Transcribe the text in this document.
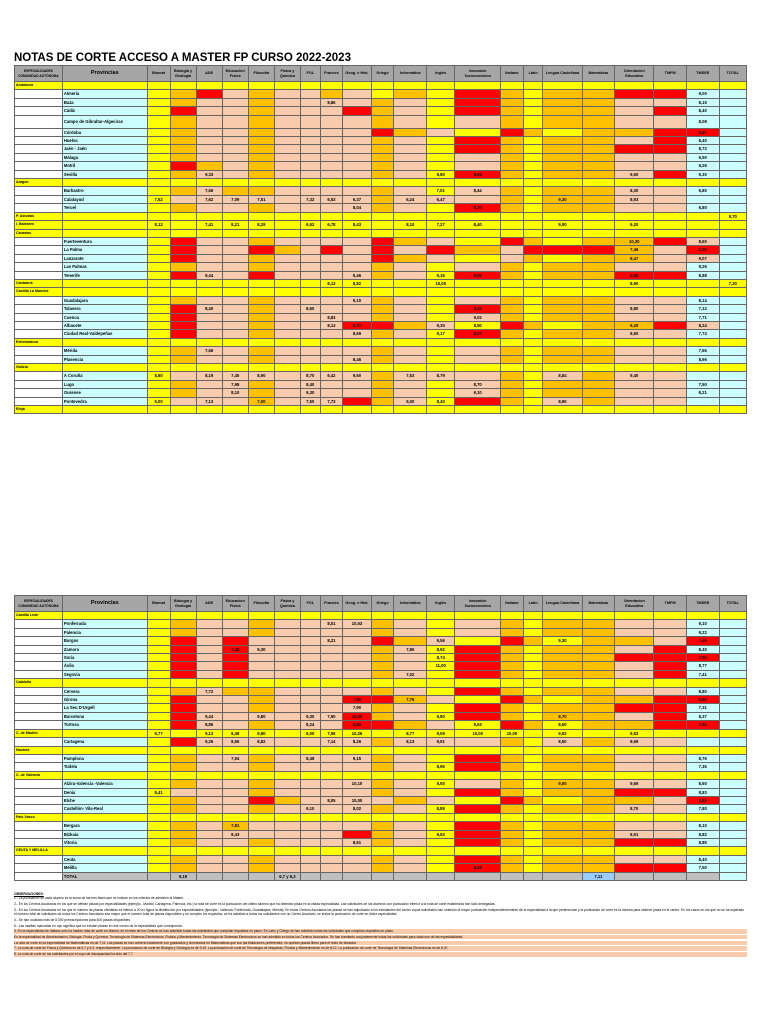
NOTAS DE CORTE ACCESO A MASTER FP CURSO 2022-2023
ESPECIALIDADES COMUNIDAD AUTÓNOMA	Provincias	Biomat	Biología y Geología	ADE	Educación Física	Filosofía	Física y Química	FOL	Francés	Geog. e Hist.	Griego	Informática	Inglés	Innovación Socioeconómica	Italiano	Latín	Lengua Castellana	Matemáticas	Orientación Educativa	TMFM	TMSEE	TOTAL
Andalucía																						
	Almería																				9,00	
	Baza								8,86												8,15	
	Cádiz																				8,40	
	Campo de Gibraltar-Algeciras																				8,08	
	Córdoba																				8,57	
	Huelva																				8,40	
	Jaén - Jaén																				8,72	
	Málaga																				9,50	
	Motril																				9,26	
	Sevilla			9,33									9,80	8,95					9,50		9,30	
Aragón																						
	Barbastro			7,66									7,01	8,44					8,30		6,80	
	Calatayud	7,52		7,62	7,09	7,51		7,32	6,53	6,37		6,24	6,47				9,30		8,93			
	Teruel									8,04				8,70							6,80	
P. Asturias																						9,70
I. Baleares		8,12		7,41	8,21	8,29		6,52	6,78	8,43		8,10	7,27	8,40			9,00		9,20			
Canarias																						
	Fuerteventura																		10,30		8,60	
	La Palma																		7,46		8,20	
	Lanzarote																		8,47		9,07	
	Las Palmas																				9,26	
	Tenerife			9,44						9,46			9,16	9,00					8,90		8,88	
Cantabria									8,13	8,82			10,05						8,90			7,20
Castilla La Mancha																						
	Guadalajara									9,10											8,14	
	Talavera			8,40				8,60						9,02					8,80		7,12	
	Cuenca								8,83					9,02							7,71	
	Albacete								8,13	8,70			9,30	8,50					9,20		8,24	
	Ciudad Real-Valdepeñas									8,69			9,17	8,07					8,60		7,74	
Extremadura																						
	Mérida			7,66																	7,65	
	Plasencia									8,46											8,66	
Galicia																						
	A Coruña	8,60		8,19	7,45	8,90		8,70	6,42	9,60		7,53	8,79				8,84		9,40			
	Lugo				7,98			8,40						8,70							7,50	
	Ourense				8,10			9,30						9,10							8,21	
	Pontevedra	5,00		7,13		7,00		7,50	7,73			5,00	8,40				8,90					
Rioja																						
ESPECIALIDADES COMUNIDAD AUTÓNOMA	Provincias	Biomat	Biología y Geología	ADE	Educación Física	Filosofía	Física y Química	FOL	Francés	Geog. e Hist.	Griego	Informática	Inglés	Innovación Socioeconómica	Italiano	Latín	Lengua Castellana	Matemáticas	Orientación Educativa	TMFM	TMSEE	TOTAL
Castilla León																						
	Ponferrada								8,01	10,53											9,10	
	Palencia																				9,22	
	Burgos								8,21				9,56				9,30				7,46	
	Zamora				7,48	9,30						7,85	8,92								8,40	
	Soria												8,74								7,60	
	Ávila												11,00								8,77	
	Segovia											7,02									7,41	
Cataluña																						
	Cervera			7,72																	8,80	
	Girona									7,90		7,76									8,60	
	La Seu D'Urgell									7,90											7,31	
	Barcelona			9,44		9,80		9,30	7,90	10,00			9,80				8,70				8,37	
	Tortosa			8,86				8,24		8,86				9,63			8,50				7,51	
C. de Madrid		8,77		9,13	8,49	9,80		9,00	7,96	10,26		8,77	9,09	10,00	10,00		9,92		9,53			
	Cartagena			9,26	8,56	8,82			7,14	8,26		8,13	9,51				8,50		8,69			
Navarra																						
	Pamplona				7,94			8,48		9,15											8,76	
	Tudela												8,95								7,35	
C. de Valencia																						
	Alzira-Valencia -Valencia									10,10			9,50				9,00		9,66		8,60	
	Denia	8,41																			8,83	
	Elche								8,05	10,00											8,84	
	Castellón- Vila-Real							9,10		8,02			8,89						8,70		7,80	
País Vasco																						
	Bergara				7,81																8,10	
	Bizkaia				8,43								9,53						8,91		8,82	
	Vitoria									8,61											8,85	
CEUTA Y MELILLA																						
	Ceuta																				8,40	
	Melilla													8,53							7,50	
	TOTAL		9,19				6,7 y 6,3											7,11				
OBSERVACIONES:

1.- La puntuación de cada alumno es la suma de las tres fases que se indican en los criterios de admisión al Máster.

2.- En los Centros Asociados en los que se ofertan plazas por especialidades (ejemplo.- Madrid, Cartagena, Palencia, etc.) la nota de corte es la puntuación del último alumno que ha obtenido plaza en la citada especialidad. Las solicitudes de los alumnos con puntuación inferior a la nota de corte establecida han sido denegadas.

3.- En los Centros Asociados en los que el número de plazas ofertadas es inferior a 20 no figura la distribución por especialidades (ejemplo.- Valencia, Ponferrada, Guadalajara, Mérida). En estos Centros Asociados las plazas se han adjudicado a los estudiantes del centro cuyas solicitudes han obtenido la mayor puntuación independientemente de la especialidad a la que pertenezcan y la puntuación de corte es la mínima para obtener plaza en el centro. En los casos en los que no se ha superado el número total de solicitudes de todos los Centros Asociados sea mayor que el número total de plazas disponibles y se cumplen los requisitos, se ha admitido a todos los solicitantes con un Centro Asociado, se indica la puntuación de corte en dicha especialidad.

4.- Se han ocultado más de 8.000 preinscripciones para 600 plazas disponibles.

5.- Las casillas marcadas en rojo significa que no existen plazas en ese centro de la especialidad que corresponda.

6. En la especialidad de Italiano solo ha habido nota de corte en Madrid, en el resto de los Centros se han admitido todas las solicitudes que cumplían requisitos en plazo. En Latín y Griego se han admitido todas las solicitudes que cumplían requisitos en plazo.

En la especialidad de Administración, Biología, Física y Química, Tecnología de Sistemas Electrónicos, Fluidos y Mantenimiento, Tecnología de Sistemas Electrónicos se han admitido en todos los Centros Asociados. Se han tramitado conjuntamente todas las solicitudes para cada uno de las especialidades.

La nota de corte en la especialidad de Matemáticas es de 7,11. Las plazas se han cubierto totalmente con graduados y licenciados en Matemáticas que son las titulaciones preferentes, no quedan plazas libres para el resto de titulados.

7. La nota de corte de Física y Química es de 6,7 y 6,3, respectivamente. La puntuación de corte de Biología y Geología es de 9,19. La puntuación de corte de Tecnología de Máquinas, Fluidos y Mantenimiento es de 8,12. La puntuación de corte de Tecnología de Sistemas Electrónicos es de 8,47.

8. La nota de corte de los solicitantes por el cupo de discapacidad ha sido del 7,7
